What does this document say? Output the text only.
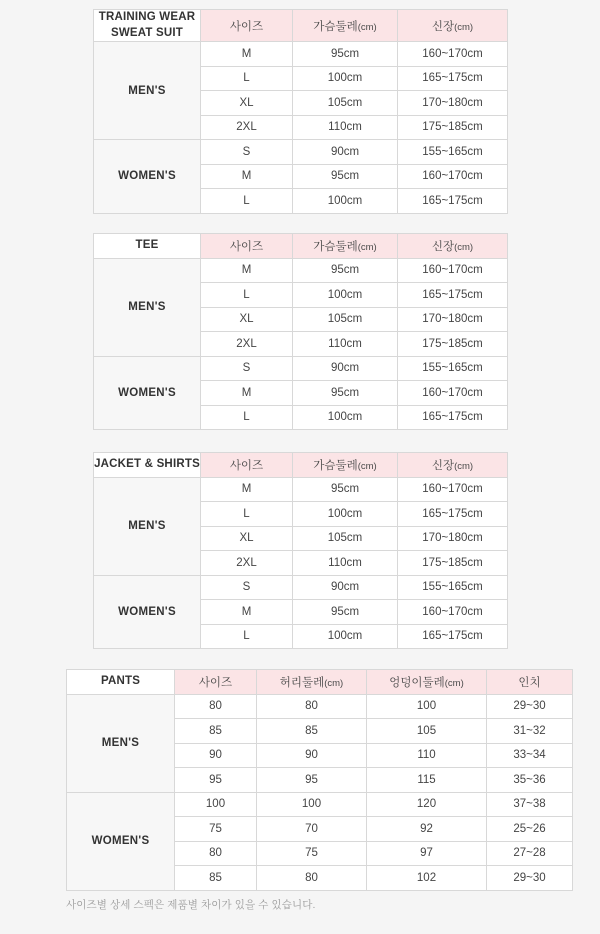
TRAINING WEAR
SWEAT SUIT	사이즈	가슴둘레(cm)	신장(cm)
MEN'S	M	95cm	160~170cm
	L	100cm	165~175cm
	XL	105cm	170~180cm
	2XL	110cm	175~185cm
WOMEN'S	S	90cm	155~165cm
	M	95cm	160~170cm
	L	100cm	165~175cm
TEE	사이즈	가슴둘레(cm)	신장(cm)
MEN'S	M	95cm	160~170cm
	L	100cm	165~175cm
	XL	105cm	170~180cm
	2XL	110cm	175~185cm
WOMEN'S	S	90cm	155~165cm
	M	95cm	160~170cm
	L	100cm	165~175cm
JACKET & SHIRTS	사이즈	가슴둘레(cm)	신장(cm)
MEN'S	M	95cm	160~170cm
	L	100cm	165~175cm
	XL	105cm	170~180cm
	2XL	110cm	175~185cm
WOMEN'S	S	90cm	155~165cm
	M	95cm	160~170cm
	L	100cm	165~175cm
PANTS	사이즈	허리둘레(cm)	엉덩이둘레(cm)	인치
MEN'S	80	80	100	29~30
	85	85	105	31~32
	90	90	110	33~34
	95	95	115	35~36
WOMEN'S	100	100	120	37~38
	75	70	92	25~26
	80	75	97	27~28
	85	80	102	29~30
사이즈별 상세 스펙은 제품별 차이가 있을 수 있습니다.
